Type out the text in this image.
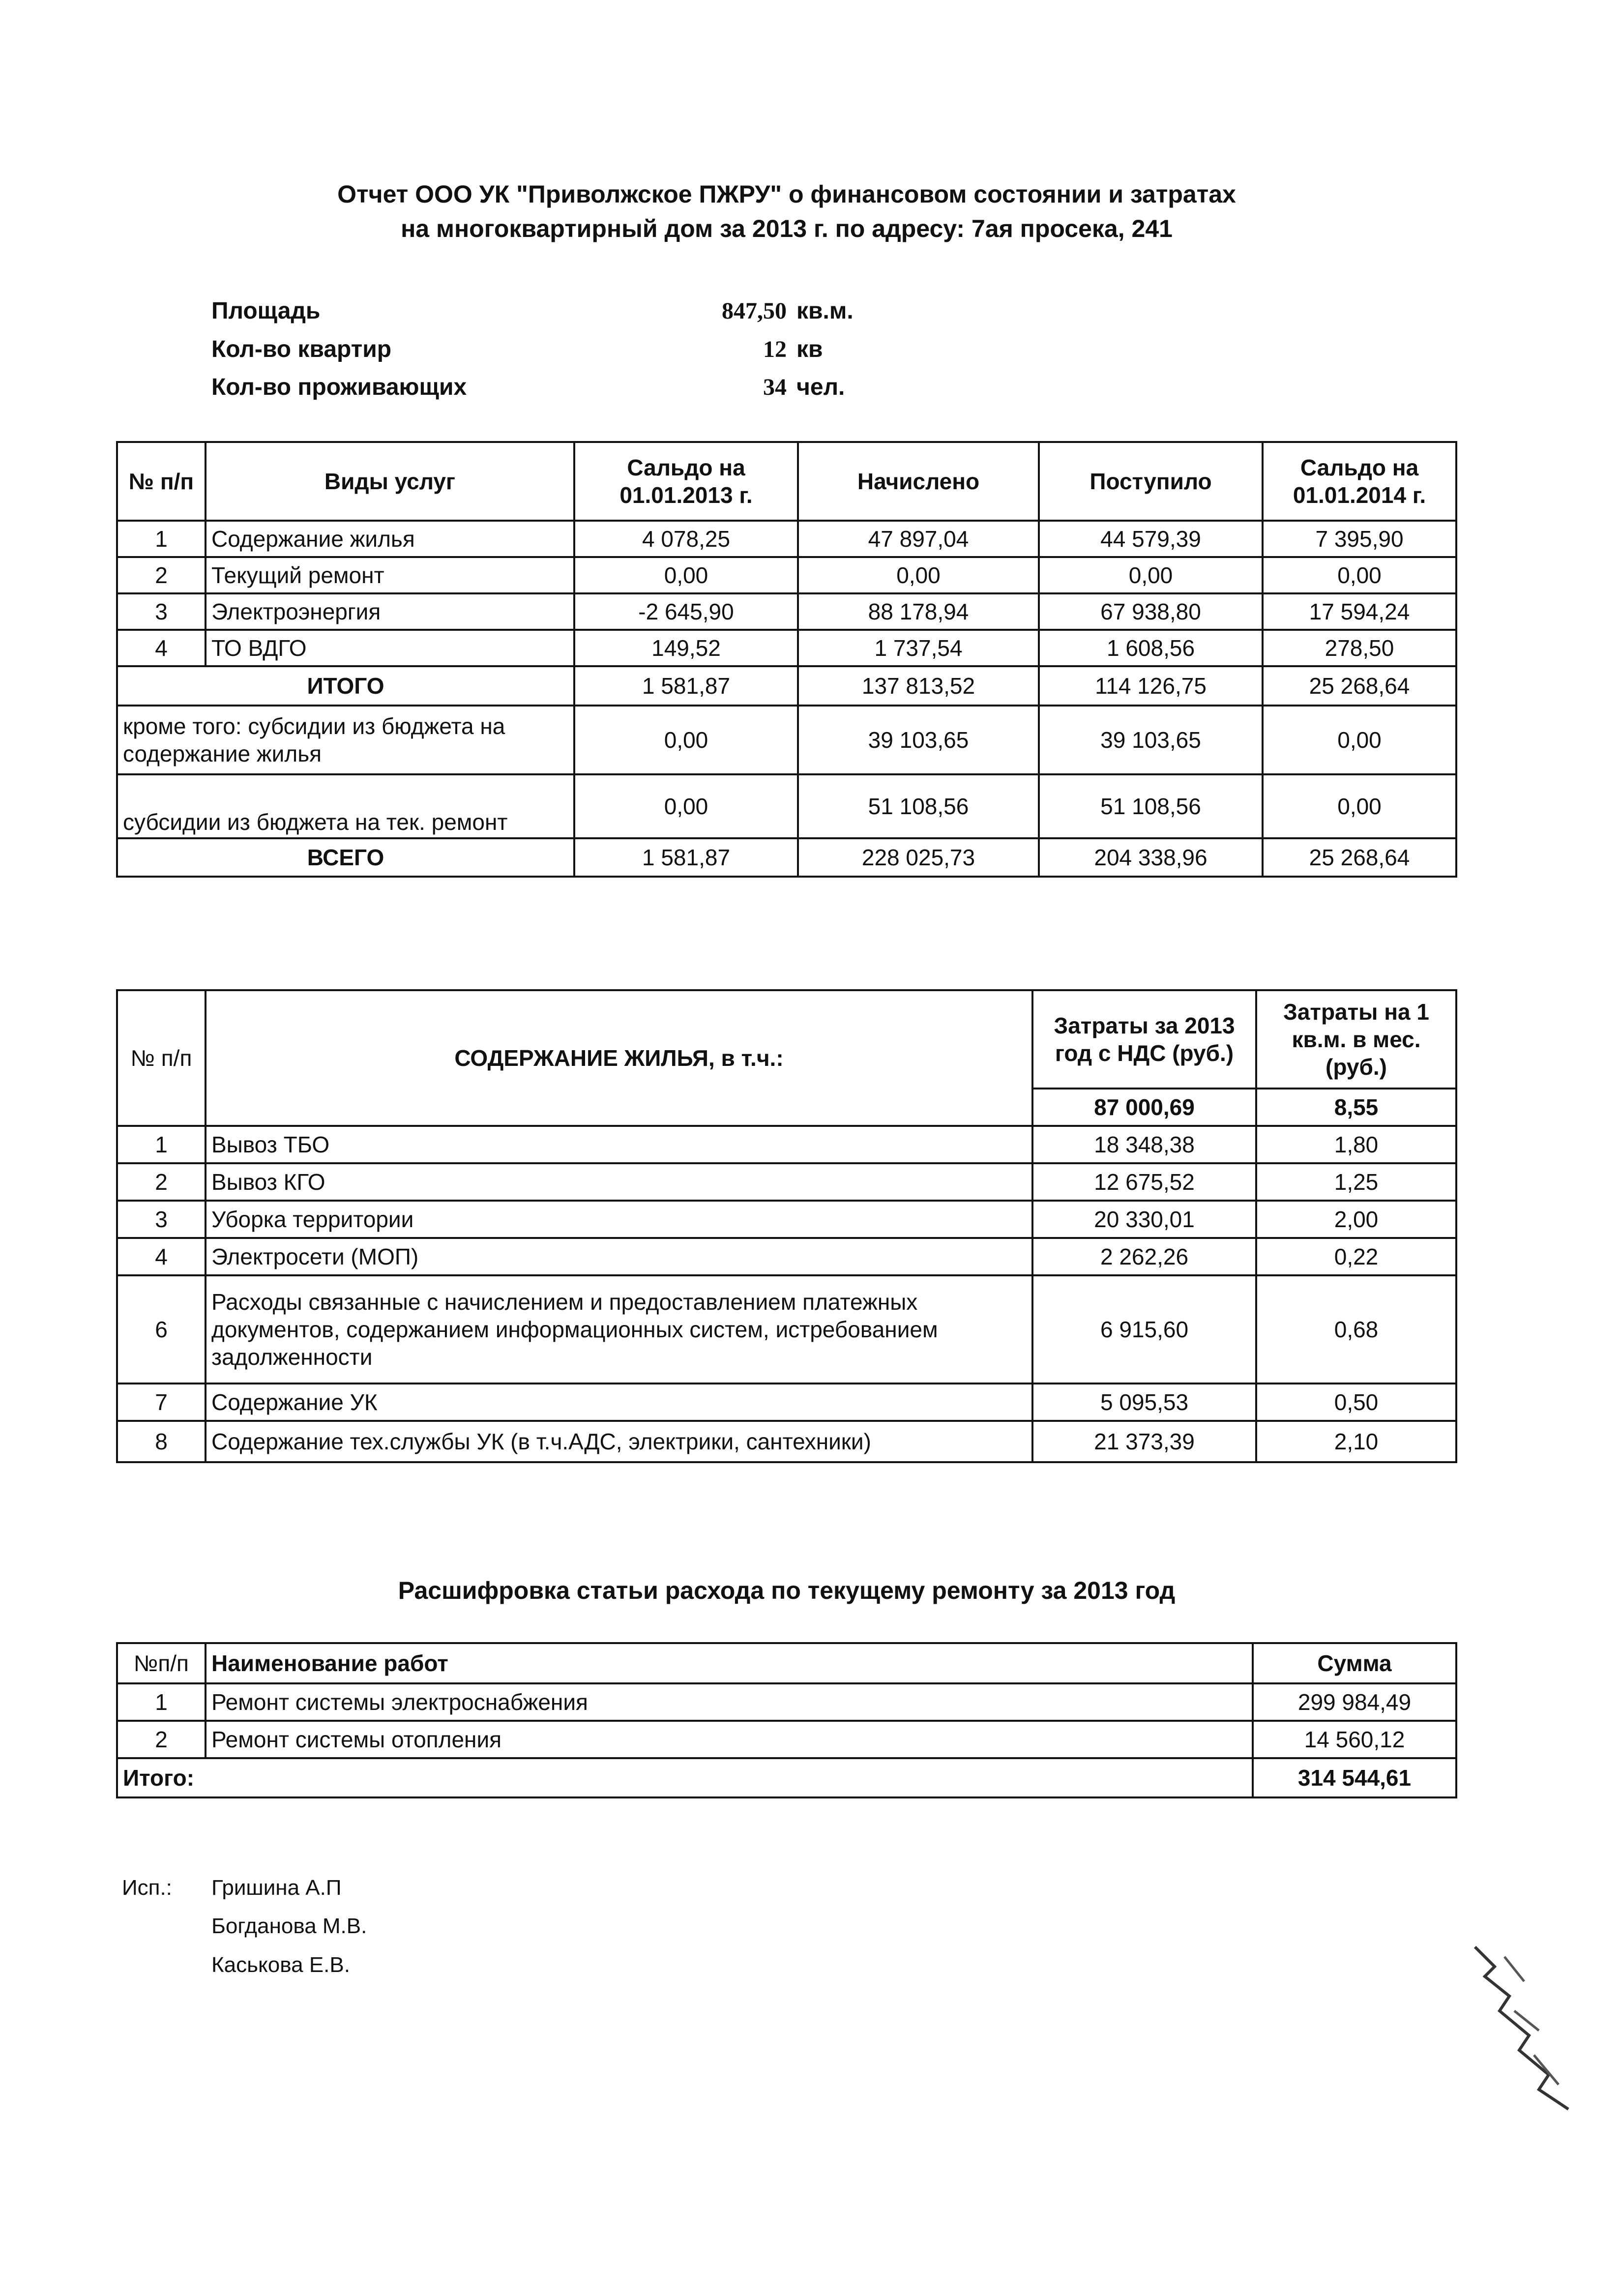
Отчет ООО УК "Приволжское ПЖРУ" о финансовом состоянии и затратах
на многоквартирный дом за 2013 г. по адресу: 7ая просека, 241
Площадь	847,50 кв.м.
Кол-во квартир	12 кв
Кол-во проживающих	34 чел.
№ п/п	Виды услуг	Сальдо на 01.01.2013 г.	Начислено	Поступило	Сальдо на 01.01.2014 г.
1	Содержание жилья	4 078,25	47 897,04	44 579,39	7 395,90
2	Текущий ремонт	0,00	0,00	0,00	0,00
3	Электроэнергия	-2 645,90	88 178,94	67 938,80	17 594,24
4	ТО ВДГО	149,52	1 737,54	1 608,56	278,50
ИТОГО		1 581,87	137 813,52	114 126,75	25 268,64
кроме того: субсидии из бюджета на содержание жилья		0,00	39 103,65	39 103,65	0,00
субсидии из бюджета на тек. ремонт		0,00	51 108,56	51 108,56	0,00
ВСЕГО		1 581,87	228 025,73	204 338,96	25 268,64
№ п/п	СОДЕРЖАНИЕ ЖИЛЬЯ, в т.ч.:	Затраты за 2013 год с НДС (руб.)	Затраты на 1 кв.м. в мес. (руб.)
		87 000,69	8,55
1	Вывоз ТБО	18 348,38	1,80
2	Вывоз КГО	12 675,52	1,25
3	Уборка территории	20 330,01	2,00
4	Электросети (МОП)	2 262,26	0,22
6	Расходы связанные с начислением и предоставлением платежных документов, содержанием информационных систем, истребованием задолженности	6 915,60	0,68
7	Содержание УК	5 095,53	0,50
8	Содержание тех.службы УК (в т.ч.АДС, электрики, сантехники)	21 373,39	2,10
Расшифровка статьи расхода по текущему ремонту за 2013 год
№п/п	Наименование работ	Сумма
1	Ремонт системы электроснабжения	299 984,49
2	Ремонт системы отопления	14 560,12
Итого:		314 544,61
Исп.: Гришина А.П
Богданова М.В.
Каськова Е.В.
